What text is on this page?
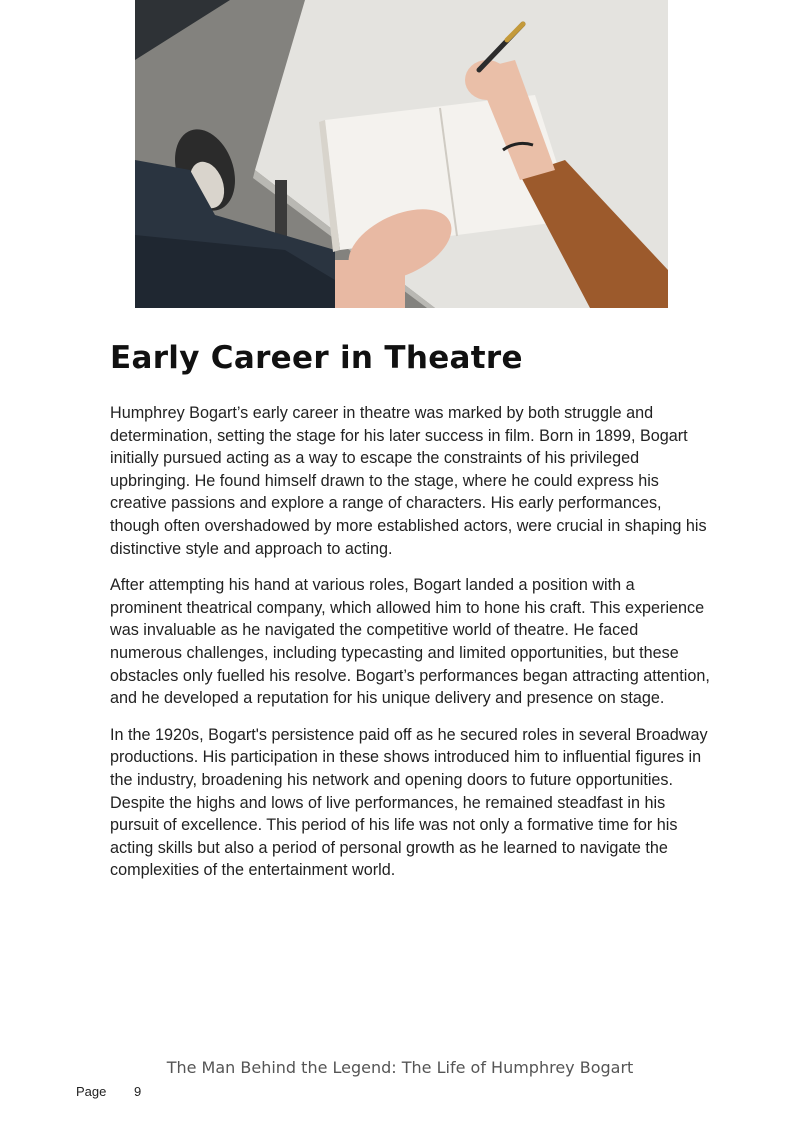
Early Career in Theatre

Humphrey Bogart’s early career in theatre was marked by both struggle and determination, setting the stage for his later success in film. Born in 1899, Bogart initially pursued acting as a way to escape the constraints of his privileged upbringing. He found himself drawn to the stage, where he could express his creative passions and explore a range of characters. His early performances, though often overshadowed by more established actors, were crucial in shaping his distinctive style and approach to acting.

After attempting his hand at various roles, Bogart landed a position with a prominent theatrical company, which allowed him to hone his craft. This experience was invaluable as he navigated the competitive world of theatre. He faced numerous challenges, including typecasting and limited opportunities, but these obstacles only fuelled his resolve. Bogart’s performances began attracting attention, and he developed a reputation for his unique delivery and presence on stage.

In the 1920s, Bogart's persistence paid off as he secured roles in several Broadway productions. His participation in these shows introduced him to influential figures in the industry, broadening his network and opening doors to future opportunities. Despite the highs and lows of live performances, he remained steadfast in his pursuit of excellence. This period of his life was not only a formative time for his acting skills but also a period of personal growth as he learned to navigate the complexities of the entertainment world.

The Man Behind the Legend: The Life of Humphrey Bogart
Page 9
